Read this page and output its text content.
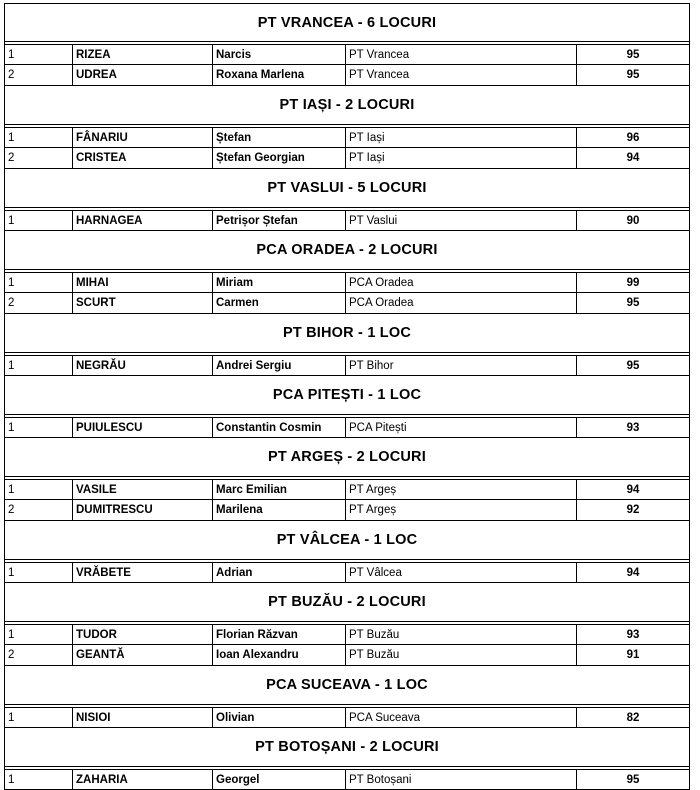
PT VRANCEA - 6 LOCURI
1	RIZEA	Narcis	PT Vrancea	95
2	UDREA	Roxana Marlena	PT Vrancea	95
PT IAȘI - 2 LOCURI
1	FÂNARIU	Ștefan	PT Iași	96
2	CRISTEA	Ștefan Georgian	PT Iași	94
PT VASLUI - 5 LOCURI
1	HARNAGEA	Petrișor Ștefan	PT Vaslui	90
PCA ORADEA - 2 LOCURI
1	MIHAI	Miriam	PCA Oradea	99
2	SCURT	Carmen	PCA Oradea	95
PT BIHOR - 1 LOC
1	NEGRĂU	Andrei Sergiu	PT Bihor	95
PCA PITEȘTI - 1 LOC
1	PUIULESCU	Constantin Cosmin	PCA Pitești	93
PT ARGEȘ - 2 LOCURI
1	VASILE	Marc Emilian	PT Argeș	94
2	DUMITRESCU	Marilena	PT Argeș	92
PT VÂLCEA - 1 LOC
1	VRĂBETE	Adrian	PT Vâlcea	94
PT BUZĂU - 2 LOCURI
1	TUDOR	Florian Răzvan	PT Buzău	93
2	GEANTĂ	Ioan Alexandru	PT Buzău	91
PCA SUCEAVA - 1 LOC
1	NISIOI	Olivian	PCA Suceava	82
PT BOTOȘANI - 2 LOCURI
1	ZAHARIA	Georgel	PT Botoșani	95
